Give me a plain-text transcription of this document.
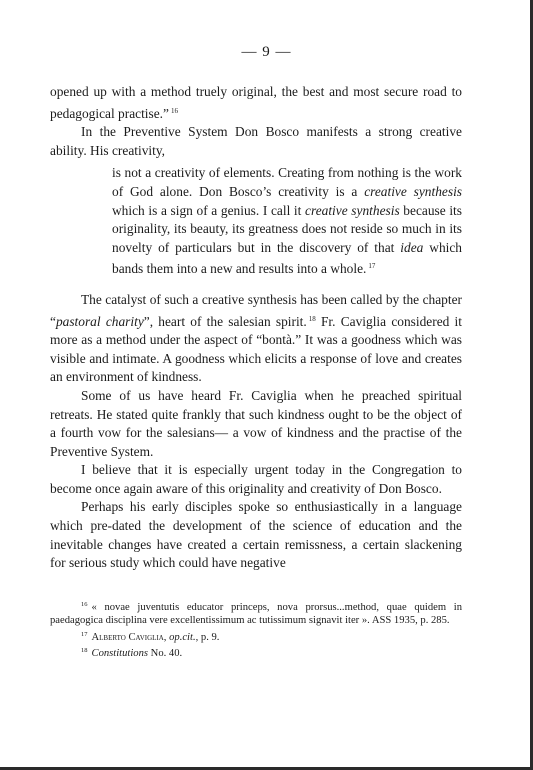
— 9 —

opened up with a method truely original, the best and most secure road to pedagogical practise.” $^{16}$

In the Preventive System Don Bosco manifests a strong creative ability. His creativity,

is not a creativity of elements. Creating from nothing is the work of God alone. Don Bosco’s creativity is a creative synthesis which is a sign of a genius. I call it creative synthesis because its originality, its beauty, its greatness does not reside so much in its novelty of particulars but in the discovery of that idea which bands them into a new and results into a whole. $^{17}$

The catalyst of such a creative synthesis has been called by the chapter “pastoral charity”, heart of the salesian spirit. $^{18}$ Fr. Caviglia considered it more as a method under the aspect of “bontà.” It was a goodness which was visible and intimate. A goodness which elicits a response of love and creates an environment of kindness.

Some of us have heard Fr. Caviglia when he preached spiritual retreats. He stated quite frankly that such kindness ought to be the object of a fourth vow for the salesians— a vow of kindness and the practise of the Preventive System.

I believe that it is especially urgent today in the Congregation to become once again aware of this originality and creativity of Don Bosco.

Perhaps his early disciples spoke so enthusiastically in a language which pre-dated the development of the science of education and the inevitable changes have created a certain remissness, a certain slackening for serious study which could have negative

$^{16}$ « novae juventutis educator princeps, nova prorsus...method, quae quidem in paedagogica disciplina vere excellentissimum ac tutissimum signavit iter ». ASS 1935, p. 285.

$^{17}$ Alberto Caviglia, op.cit., p. 9.

$^{18}$ Constitutions No. 40.
